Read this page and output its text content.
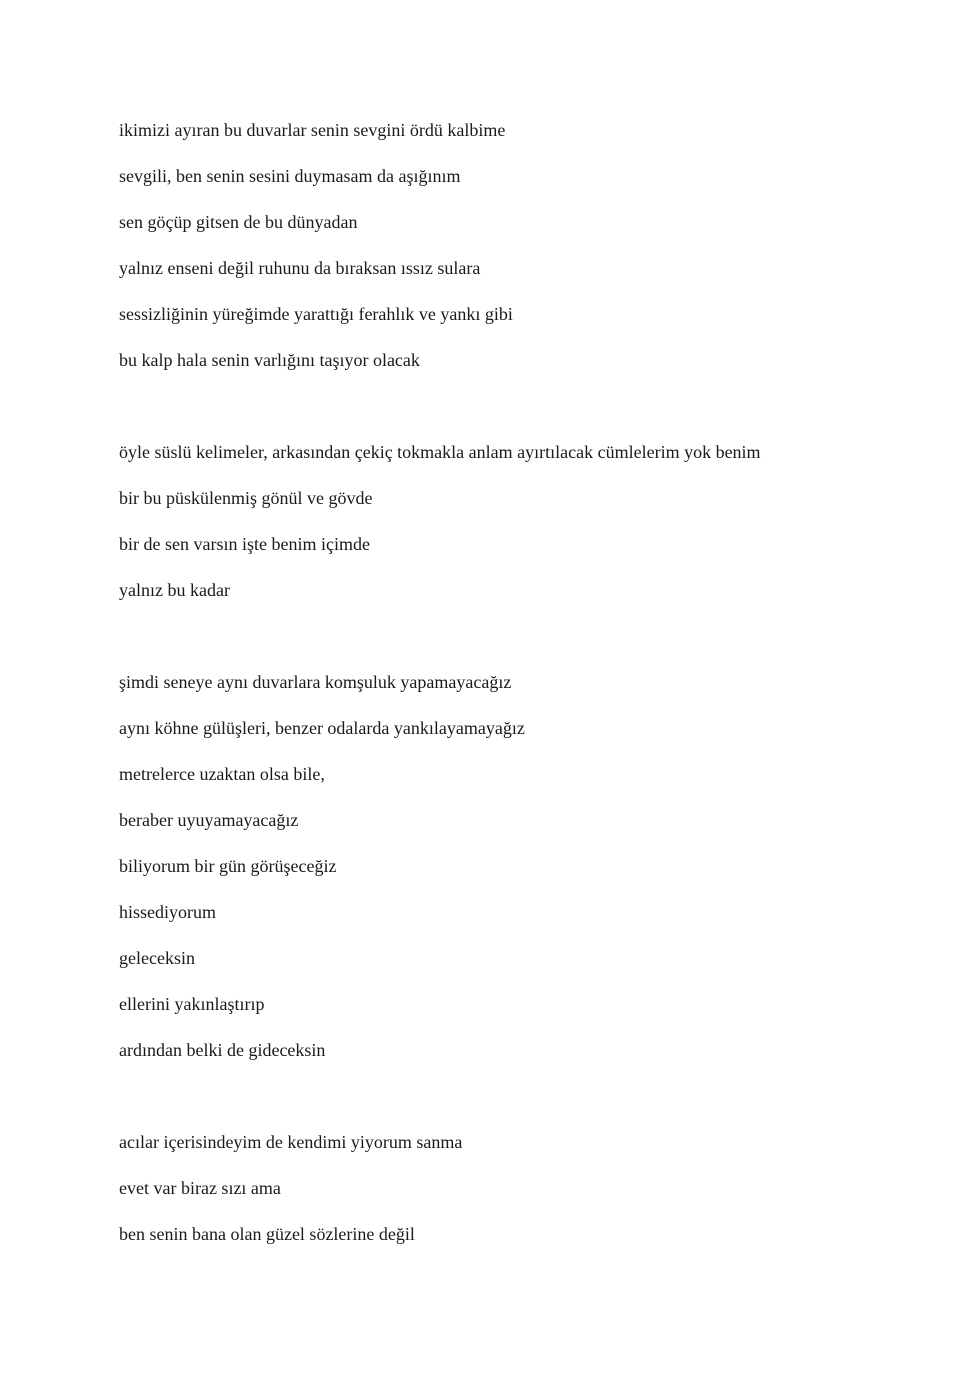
ikimizi ayıran bu duvarlar senin sevgini ördü kalbime
sevgili, ben senin sesini duymasam da aşığınım
sen göçüp gitsen de bu dünyadan
yalnız enseni değil ruhunu da bıraksan ıssız sulara
sessizliğinin yüreğimde yarattığı ferahlık ve yankı gibi
bu kalp hala senin varlığını taşıyor olacak
öyle süslü kelimeler, arkasından çekiç tokmakla anlam ayırtılacak cümlelerim yok benim
bir bu püskülenmiş gönül ve gövde
bir de sen varsın işte benim içimde
yalnız bu kadar
şimdi seneye aynı duvarlara komşuluk yapamayacağız
aynı köhne gülüşleri, benzer odalarda yankılayamayağız
metrelerce uzaktan olsa bile,
beraber uyuyamayacağız
biliyorum bir gün görüşeceğiz
hissediyorum
geleceksin
ellerini yakınlaştırıp
ardından belki de gideceksin
acılar içerisindeyim de kendimi yiyorum sanma
evet var biraz sızı ama
ben senin bana olan güzel sözlerine değil
